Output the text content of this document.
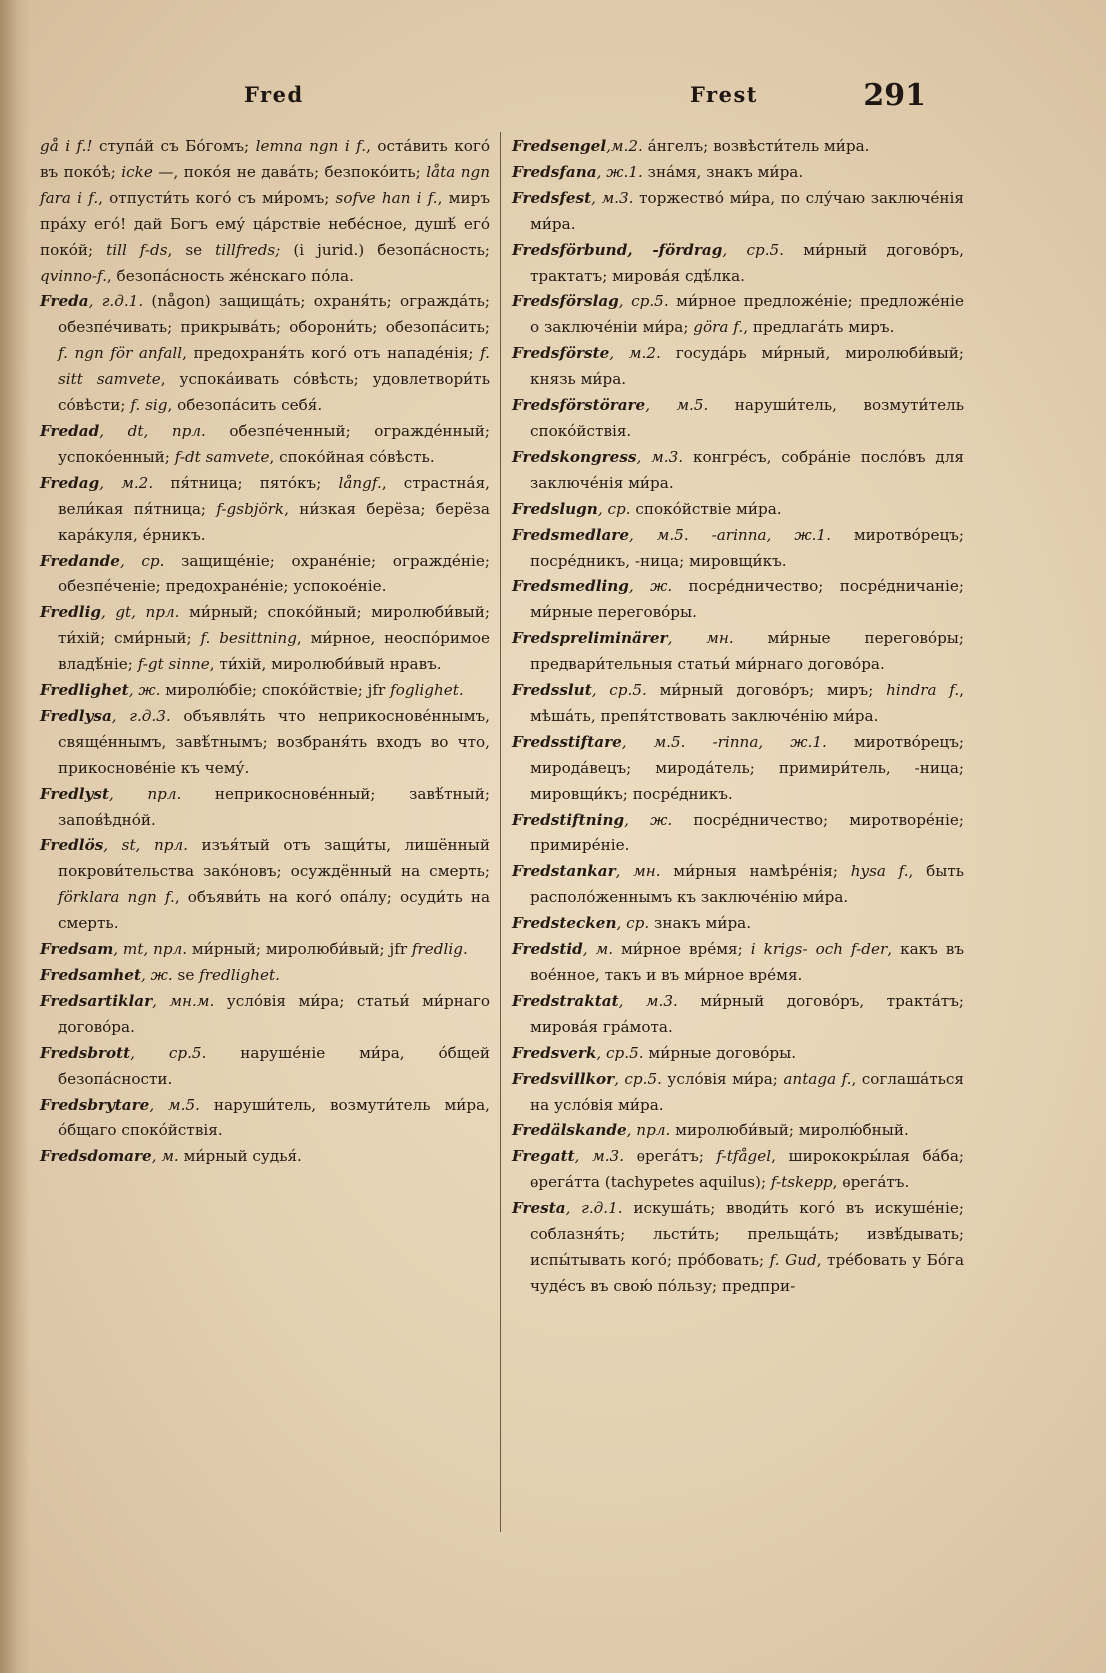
Fred	Frest	291

gå i f.! ступа́й съ Бо́гомъ; lemna ngn i f., оста́вить кого́ въ поко́ѣ; icke —, поко́я не дава́ть; безпоко́ить; låta ngn fara i f., отпусти́ть кого́ съ ми́ромъ; sofve han i f., миръ пра́ху его́! дай Богъ ему́ ца́рствіе небе́сное, душѣ́ его́ поко́й; till f-ds, se tillfreds; (i jurid.) безопа́сность; qvinno-f., безопа́сность же́нскаго по́ла.

Freda, г.д.1. (någon) защища́ть; охраня́ть; огражда́ть; обезпе́чивать; прикрыва́ть; оборони́ть; обезопа́сить; f. ngn för anfall, предохраня́ть кого́ отъ нападе́нія; f. sitt samvete, успока́ивать со́вѣсть; удовлетвори́ть со́вѣсти; f. sig, обезопа́сить себя́.

Fredad, dt, прл. обезпе́ченный; огражде́нный; успоко́енный; f-dt samvete, споко́йная со́вѣсть.

Fredag, м.2. пя́тница; пято́къ; långf., страстна́я, вели́кая пя́тница; f-gsbjörk, ни́зкая берёза; берёза кара́куля, е́рникъ.

Fredande, ср. защище́ніе; охране́ніе; огражде́ніе; обезпе́ченіе; предохране́ніе; успокое́ніе.

Fredlig, gt, прл. ми́рный; споко́йный; миролюби́вый; ти́хій; сми́рный; f. besittning, ми́рное, неоспо́римое владѣ́ніе; f-gt sinne, ти́хій, миролюби́вый нравъ.

Fredlighet, ж. миролю́біе; споко́йствіе; jfr foglighet.

Fredlysa, г.д.3. объявля́ть что неприкоснове́ннымъ, свяще́ннымъ, завѣ́тнымъ; возбраня́ть входъ во что, прикоснове́ніе къ чему́.

Fredlyst, прл. неприкоснове́нный; завѣ́тный; запов́ѣдно́й.

Fredlös, st, прл. изъя́тый отъ защи́ты, лишённый покрови́тельства зако́новъ; осуждённый на смерть; förklara ngn f., объяви́ть на кого́ опа́лу; осуди́ть на смерть.

Fredsam, mt, прл. ми́рный; миролюби́вый; jfr fredlig.

Fredsamhet, ж. se fredlighet.

Fredsartiklar, мн.м. усло́вія ми́ра; статьи́ ми́рнаго догово́ра.

Fredsbrott, ср.5. наруше́ніе ми́ра, о́бщей безопа́сности.

Fredsbrytare, м.5. наруши́тель, возмути́тель ми́ра, о́бщаго споко́йствія.

Fredsdomare, м. ми́рный судья́.

Fredsengel,м.2. а́нгелъ; возвѣсти́тель ми́ра.

Fredsfana, ж.1. зна́мя, знакъ ми́ра.

Fredsfest, м.3. торжество́ ми́ра, по слу́чаю заключе́нія ми́ра.

Fredsförbund, -fördrag, ср.5. ми́рный догово́ръ, трактатъ; мирова́я сдѣ́лка.

Fredsförslag, ср.5. ми́рное предложе́ніе; предложе́ніе о заключе́ніи ми́ра; göra f., предлага́ть миръ.

Fredsförste, м.2. госуда́рь ми́рный, миролюби́вый; князь ми́ра.

Fredsförstörare, м.5. наруши́тель, возмути́тель споко́йствія.

Fredskongress, м.3. конгре́съ, собра́ніе посло́въ для заключе́нія ми́ра.

Fredslugn, ср. споко́йствіе ми́ра.

Fredsmedlare, м.5. -arinna, ж.1. миротво́рецъ; посре́дникъ, -ница; мировщи́къ.

Fredsmedling, ж. посре́дничество; посре́дничаніе; ми́рные перегово́ры.

Fredspreliminärer, мн. ми́рные перегово́ры; предвари́тельныя статьи́ ми́рнаго догово́ра.

Fredsslut, ср.5. ми́рный догово́ръ; миръ; hindra f., мѣша́ть, препя́тствовать заключе́нію ми́ра.

Fredsstiftare, м.5. -rinna, ж.1. миротво́рецъ; мирода́вецъ; мирода́тель; примири́тель, -ница; мировщи́къ; посре́дникъ.

Fredstiftning, ж. посре́дничество; миротворе́ніе; примире́ніе.

Fredstankar, мн. ми́рныя намѣре́нія; hysa f., быть располо́женнымъ къ заключе́нію ми́ра.

Fredstecken, ср. знакъ ми́ра.

Fredstid, м. ми́рное вре́мя; i krigs- och f-der, какъ въ вое́нное, такъ и въ ми́рное вре́мя.

Fredstraktat, м.3. ми́рный догово́ръ, тракта́тъ; мирова́я гра́мота.

Fredsverk, ср.5. ми́рные догово́ры.

Fredsvillkor, ср.5. усло́вія ми́ра; antaga f., соглаша́ться на усло́вія ми́ра.

Fredälskande, прл. миролюби́вый; миролю́бный.

Fregatt, м.3. ѳрега́тъ; f-tfågel, ширококры́лая ба́ба; ѳрега́тта (tachypetes aquilus); f-tskepp, ѳрега́тъ.

Fresta, г.д.1. искуша́ть; вводи́ть кого́ въ искуше́ніе; соблазня́ть; льсти́ть; прельща́ть; извѣ́дывать; испы́тывать кого́; про́бовать; f. Gud, тре́бовать у Бо́га чуде́съ въ свою́ по́льзу; предпри-
